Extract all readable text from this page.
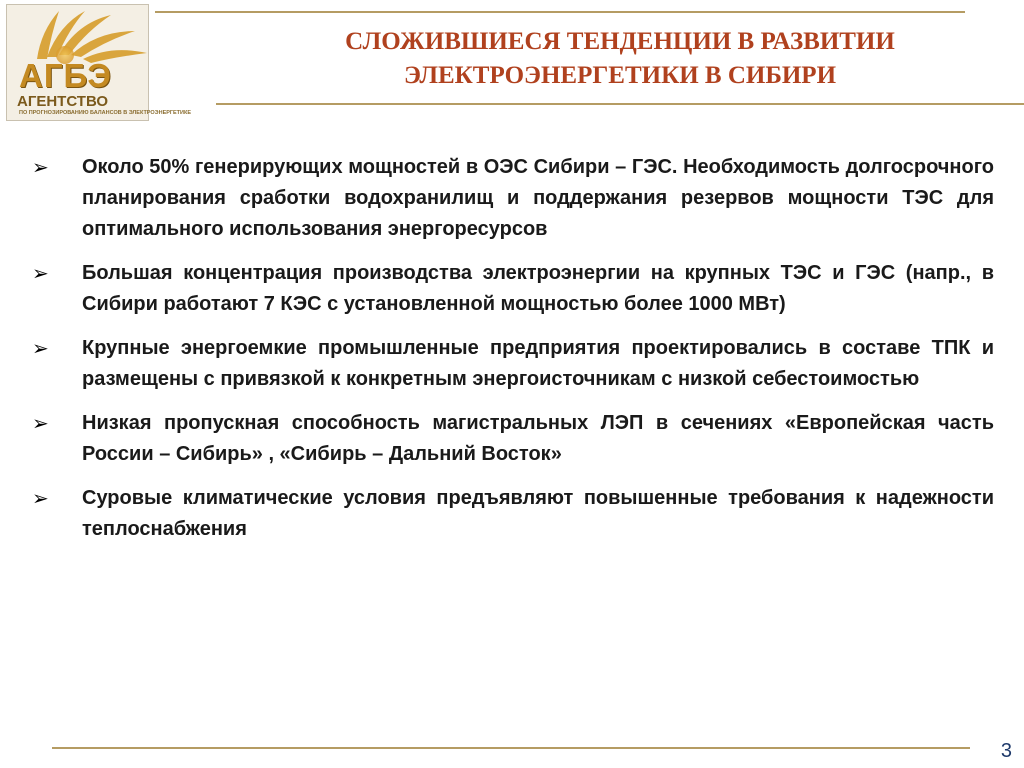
АГБЭ
АГЕНТСТВО
ПО ПРОГНОЗИРОВАНИЮ БАЛАНСОВ В ЭЛЕКТРОЭНЕРГЕТИКЕ
СЛОЖИВШИЕСЯ ТЕНДЕНЦИИ В РАЗВИТИИ
ЭЛЕКТРОЭНЕРГЕТИКИ В СИБИРИ
➢ Около 50% генерирующих мощностей в ОЭС Сибири – ГЭС. Необходимость долгосрочного планирования сработки водохранилищ и поддержания резервов мощности ТЭС для оптимального использования энергоресурсов
➢ Большая концентрация производства электроэнергии на крупных ТЭС и ГЭС (напр., в Сибири работают 7 КЭС с установленной мощностью более 1000 МВт)
➢ Крупные энергоемкие промышленные предприятия проектировались в составе ТПК и размещены с привязкой к конкретным энергоисточникам с низкой себестоимостью
➢ Низкая пропускная способность магистральных ЛЭП в сечениях «Европейская часть России – Сибирь» , «Сибирь – Дальний Восток»
➢ Суровые климатические условия предъявляют повышенные требования к надежности теплоснабжения
3
